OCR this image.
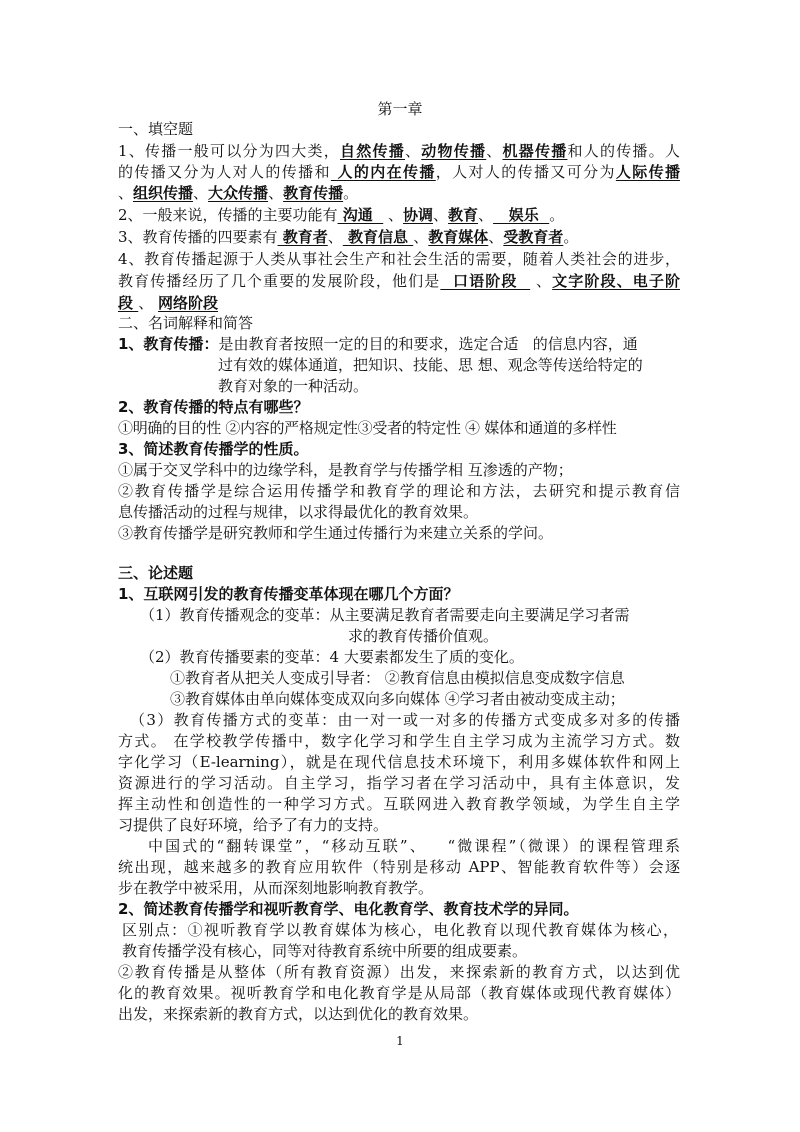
第一章
一、填空题
1、传播一般可以分为四大类，自然传播、动物传播、机器传播和人的传播。人
的传播又分为人对人的传播和 人的内在传播，人对人的传播又可分为人际传播
、组织传播、大众传播、教育传播。
2、一般来说，传播的主要功能有 沟通   、协调、教育、   娱乐  。
3、教育传播的四要素有 教育者、 教育信息 、教育媒体、受教育者。
4、教育传播起源于人类从事社会生产和社会生活的需要，随着人类社会的进步，
教育传播经历了几个重要的发展阶段，他们是  口语阶段   、文字阶段、电子阶
段 、 网络阶段
二、名词解释和简答
1、教育传播：是由教育者按照一定的目的和要求，选定合适   的信息内容，通
过有效的媒体通道，把知识、技能、思 想、观念等传送给特定的
教育对象的一种活动。
2、教育传播的特点有哪些？
①明确的目的性 ②内容的严格规定性③受者的特定性 ④ 媒体和通道的多样性
3、简述教育传播学的性质。
①属于交叉学科中的边缘学科，是教育学与传播学相 互渗透的产物；
②教育传播学是综合运用传播学和教育学的理论和方法，去研究和提示教育信
息传播活动的过程与规律，以求得最优化的教育效果。
③教育传播学是研究教师和学生通过传播行为来建立关系的学问。
三、论述题
1、互联网引发的教育传播变革体现在哪几个方面？
（1）教育传播观念的变革：从主要满足教育者需要走向主要满足学习者需
求的教育传播价值观。
（2）教育传播要素的变革：4 大要素都发生了质的变化。
①教育者从把关人变成引导者： ②教育信息由模拟信息变成数字信息
③教育媒体由单向媒体变成双向多向媒体 ④学习者由被动变成主动；
（3）教育传播方式的变革：由一对一或一对多的传播方式变成多对多的传播
方式。 在学校教学传播中，数字化学习和学生自主学习成为主流学习方式。数
字化学习（E-learning），就是在现代信息技术环境下，利用多媒体软件和网上
资源进行的学习活动。自主学习，指学习者在学习活动中，具有主体意识，发
挥主动性和创造性的一种学习方式。互联网进入教育教学领域，为学生自主学
习提供了良好环境，给予了有力的支持。
中国式的“翻转课堂”，“移动互联”、   “微课程”（微课）的课程管理系
统出现，越来越多的教育应用软件（特别是移动 APP、智能教育软件等）会逐
步在教学中被采用，从而深刻地影响教育教学。
2、简述教育传播学和视听教育学、电化教育学、教育技术学的异同。
区别点：①视听教育学以教育媒体为核心，电化教育以现代教育媒体为核心，
教育传播学没有核心，同等对待教育系统中所要的组成要素。
②教育传播是从整体（所有教育资源）出发，来探索新的教育方式，以达到优
化的教育效果。视听教育学和电化教育学是从局部（教育媒体或现代教育媒体）
出发，来探索新的教育方式，以达到优化的教育效果。
1
